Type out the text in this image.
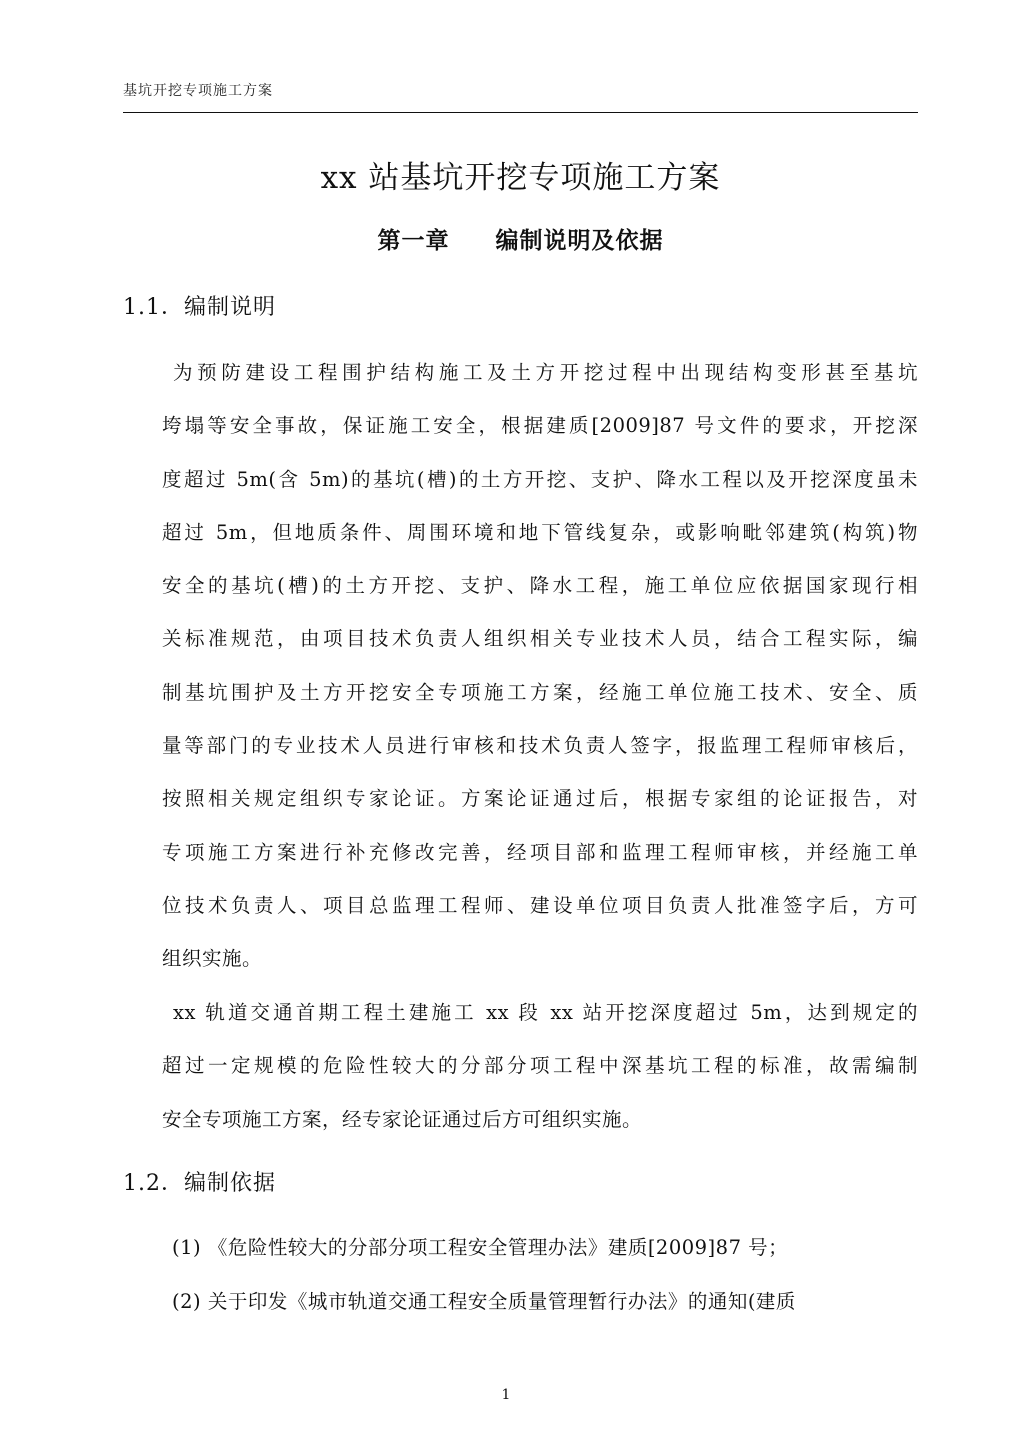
基坑开挖专项施工方案
xx 站基坑开挖专项施工方案
第一章 编制说明及依据
1.1．编制说明
为预防建设工程围护结构施工及土方开挖过程中出现结构变形甚至基坑
垮塌等安全事故，保证施工安全，根据建质[2009]87 号文件的要求，开挖深
度超过 5m(含 5m)的基坑(槽)的土方开挖、支护、降水工程以及开挖深度虽未
超过 5m，但地质条件、周围环境和地下管线复杂，或影响毗邻建筑(构筑)物
安全的基坑(槽)的土方开挖、支护、降水工程，施工单位应依据国家现行相
关标准规范，由项目技术负责人组织相关专业技术人员，结合工程实际，编
制基坑围护及土方开挖安全专项施工方案，经施工单位施工技术、安全、质
量等部门的专业技术人员进行审核和技术负责人签字，报监理工程师审核后，
按照相关规定组织专家论证。方案论证通过后，根据专家组的论证报告，对
专项施工方案进行补充修改完善，经项目部和监理工程师审核，并经施工单
位技术负责人、项目总监理工程师、建设单位项目负责人批准签字后，方可
组织实施。
xx 轨道交通首期工程土建施工 xx 段 xx 站开挖深度超过 5m，达到规定的
超过一定规模的危险性较大的分部分项工程中深基坑工程的标准，故需编制
安全专项施工方案，经专家论证通过后方可组织实施。
1.2．编制依据
(1) 《危险性较大的分部分项工程安全管理办法》建质[2009]87 号；
(2) 关于印发《城市轨道交通工程安全质量管理暂行办法》的通知(建质
1
